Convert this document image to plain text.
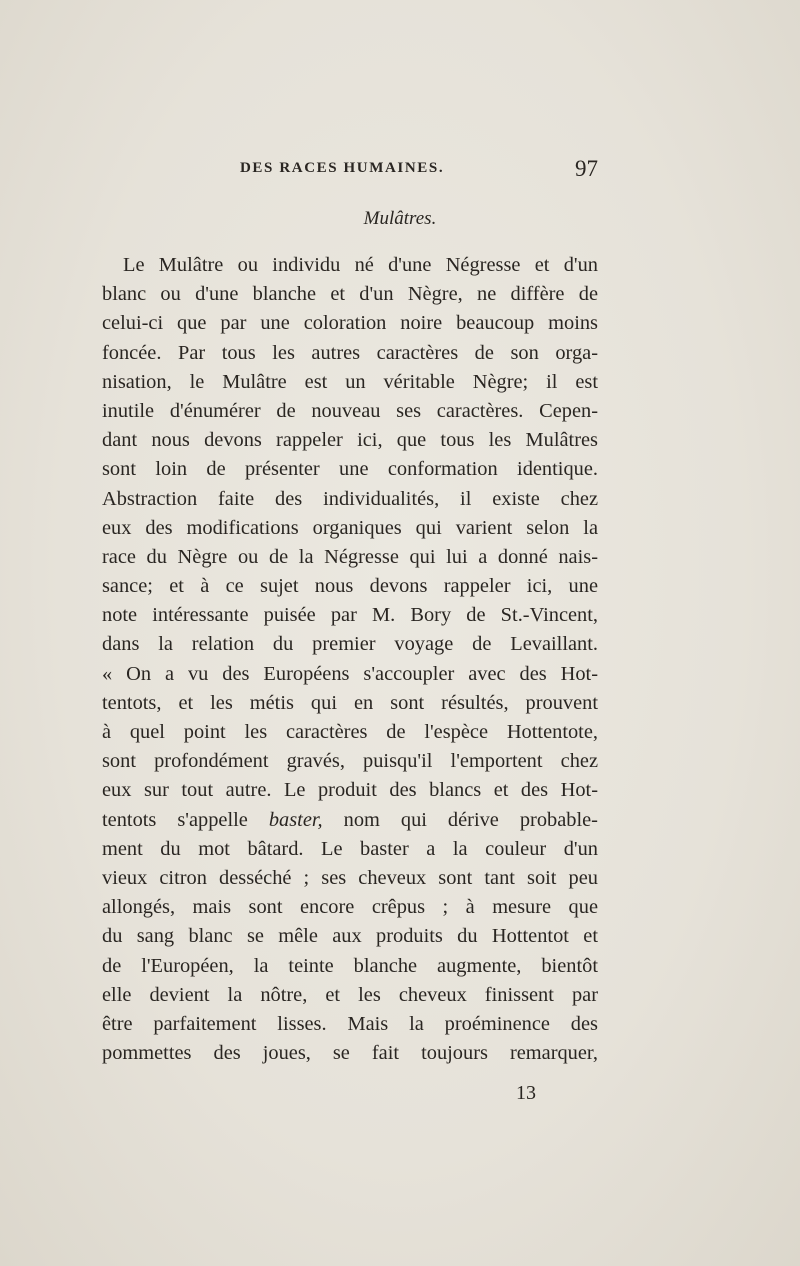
DES RACES HUMAINES.	97
Mulâtres.
Le Mulâtre ou individu né d'une Négresse et d'un
blanc ou d'une blanche et d'un Nègre, ne diffère de
celui-ci que par une coloration noire beaucoup moins
foncée. Par tous les autres caractères de son orga-
nisation, le Mulâtre est un véritable Nègre; il est
inutile d'énumérer de nouveau ses caractères. Cepen-
dant nous devons rappeler ici, que tous les Mulâtres
sont loin de présenter une conformation identique.
Abstraction faite des individualités, il existe chez
eux des modifications organiques qui varient selon la
race du Nègre ou de la Négresse qui lui a donné nais-
sance; et à ce sujet nous devons rappeler ici, une
note intéressante puisée par M. Bory de St.-Vincent,
dans la relation du premier voyage de Levaillant.
« On a vu des Européens s'accoupler avec des Hot-
tentots, et les métis qui en sont résultés, prouvent
à quel point les caractères de l'espèce Hottentote,
sont profondément gravés, puisqu'il l'emportent chez
eux sur tout autre. Le produit des blancs et des Hot-
tentots s'appelle baster, nom qui dérive probable-
ment du mot bâtard. Le baster a la couleur d'un
vieux citron desséché ; ses cheveux sont tant soit peu
allongés, mais sont encore crêpus ; à mesure que
du sang blanc se mêle aux produits du Hottentot et
de l'Européen, la teinte blanche augmente, bientôt
elle devient la nôtre, et les cheveux finissent par
être parfaitement lisses. Mais la proéminence des
pommettes des joues, se fait toujours remarquer,
13
